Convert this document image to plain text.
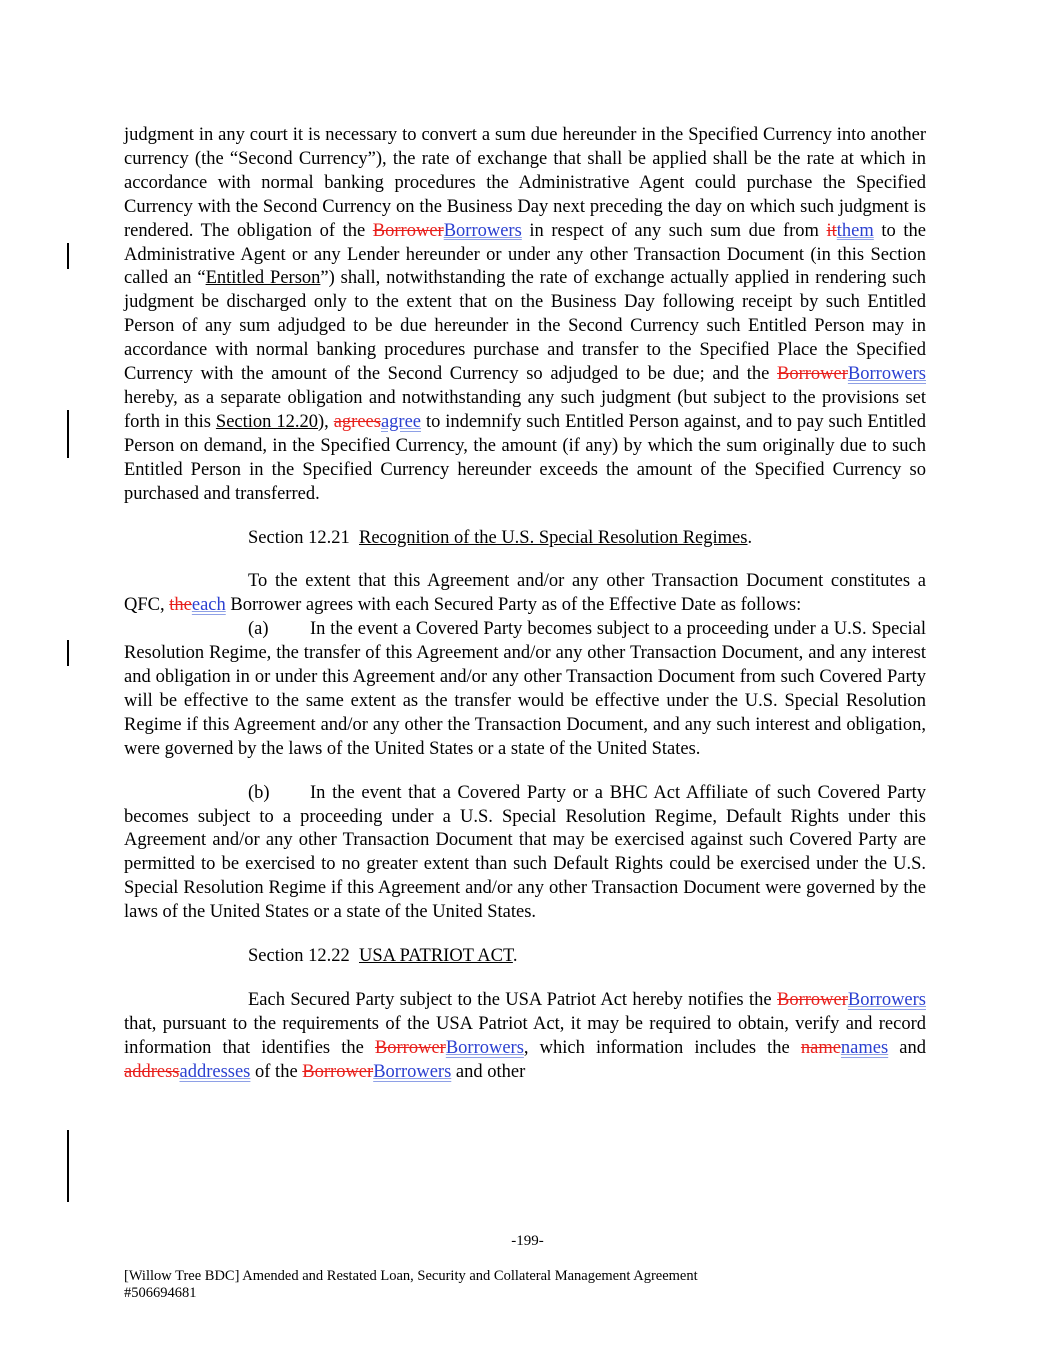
judgment in any court it is necessary to convert a sum due hereunder in the Specified Currency into another currency (the “Second Currency”), the rate of exchange that shall be applied shall be the rate at which in accordance with normal banking procedures the Administrative Agent could purchase the Specified Currency with the Second Currency on the Business Day next preceding the day on which such judgment is rendered. The obligation of the BorrowerBorrowers in respect of any such sum due from itthem to the Administrative Agent or any Lender hereunder or under any other Transaction Document (in this Section called an “Entitled Person”) shall, notwithstanding the rate of exchange actually applied in rendering such judgment be discharged only to the extent that on the Business Day following receipt by such Entitled Person of any sum adjudged to be due hereunder in the Second Currency such Entitled Person may in accordance with normal banking procedures purchase and transfer to the Specified Place the Specified Currency with the amount of the Second Currency so adjudged to be due; and the BorrowerBorrowers hereby, as a separate obligation and notwithstanding any such judgment (but subject to the provisions set forth in this Section 12.20), agreesagree to indemnify such Entitled Person against, and to pay such Entitled Person on demand, in the Specified Currency, the amount (if any) by which the sum originally due to such Entitled Person in the Specified Currency hereunder exceeds the amount of the Specified Currency so purchased and transferred.

Section 12.21 Recognition of the U.S. Special Resolution Regimes.

To the extent that this Agreement and/or any other Transaction Document constitutes a QFC, theeach Borrower agrees with each Secured Party as of the Effective Date as follows:

(a) In the event a Covered Party becomes subject to a proceeding under a U.S. Special Resolution Regime, the transfer of this Agreement and/or any other Transaction Document, and any interest and obligation in or under this Agreement and/or any other Transaction Document from such Covered Party will be effective to the same extent as the transfer would be effective under the U.S. Special Resolution Regime if this Agreement and/or any other the Transaction Document, and any such interest and obligation, were governed by the laws of the United States or a state of the United States.

(b) In the event that a Covered Party or a BHC Act Affiliate of such Covered Party becomes subject to a proceeding under a U.S. Special Resolution Regime, Default Rights under this Agreement and/or any other Transaction Document that may be exercised against such Covered Party are permitted to be exercised to no greater extent than such Default Rights could be exercised under the U.S. Special Resolution Regime if this Agreement and/or any other Transaction Document were governed by the laws of the United States or a state of the United States.

Section 12.22 USA PATRIOT ACT.

Each Secured Party subject to the USA Patriot Act hereby notifies the BorrowerBorrowers that, pursuant to the requirements of the USA Patriot Act, it may be required to obtain, verify and record information that identifies the BorrowerBorrowers, which information includes the namenames and addressaddresses of the BorrowerBorrowers and other

-199-
[Willow Tree BDC] Amended and Restated Loan, Security and Collateral Management Agreement
#506694681
